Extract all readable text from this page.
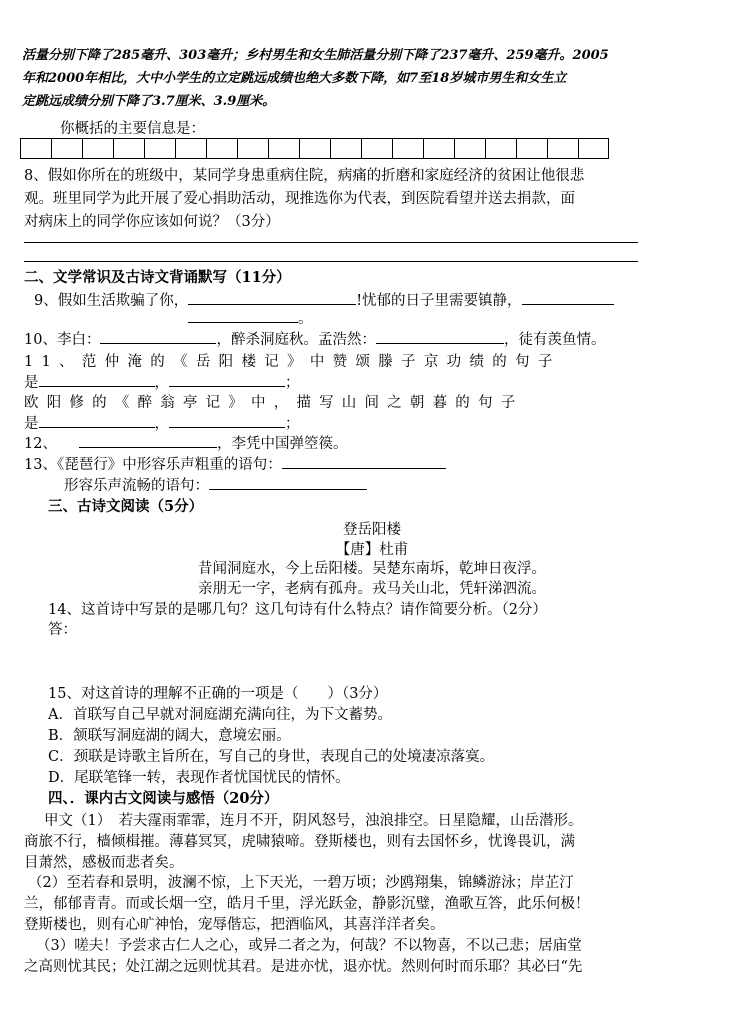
活量分别下降了285毫升、303毫升；乡村男生和女生肺活量分别下降了237毫升、259毫升。2005
年和2000年相比，大中小学生的立定跳远成绩也绝大多数下降，如7至18岁城市男生和女生立
定跳远成绩分别下降了3.7厘米、3.9厘米。
你概括的主要信息是：
8、假如你所在的班级中，某同学身患重病住院，病痛的折磨和家庭经济的贫困让他很悲
观。班里同学为此开展了爱心捐助活动，现推选你为代表，到医院看望并送去捐款，面
对病床上的同学你应该如何说？（3分）
二、文学常识及古诗文背诵默写（11分）
9、假如生活欺骗了你，	!忧郁的日子里需要镇静，
。
10、李白：	，醉杀洞庭秋。孟浩然：	，徒有羡鱼情。
11、范仲淹的《岳阳楼记》中赞颂滕子京功绩的句子
是	，	；
欧阳修的《醉翁亭记》中，描写山间之朝暮的句子
是	，	；
12、	，李凭中国弹箜篌。
13、《琵琶行》中形容乐声粗重的语句：
形容乐声流畅的语句：
三、古诗文阅读（5分）
登岳阳楼
【唐】杜甫
昔闻洞庭水，今上岳阳楼。吴楚东南坼，乾坤日夜浮。
亲朋无一字，老病有孤舟。戎马关山北，凭轩涕泗流。
14、这首诗中写景的是哪几句？这几句诗有什么特点？请作简要分析。（2分）
答：
15、对这首诗的理解不正确的一项是（　　）（3分）
A．首联写自己早就对洞庭湖充满向往，为下文蓄势。
B．颔联写洞庭湖的阔大，意境宏丽。
C．颈联是诗歌主旨所在，写自己的身世，表现自己的处境凄凉落寞。
D．尾联笔锋一转，表现作者忧国忧民的情怀。
四、．课内古文阅读与感悟（20分）
甲文（1）　若夫霪雨霏霏，连月不开，阴风怒号，浊浪排空。日星隐耀，山岳潜形。
商旅不行，樯倾楫摧。薄暮冥冥，虎啸猿啼。登斯楼也，则有去国怀乡，忧谗畏讥，满
目萧然，感极而悲者矣。
（2）至若春和景明，波澜不惊，上下天光，一碧万顷；沙鸥翔集，锦鳞游泳；岸芷汀
兰，郁郁青青。而或长烟一空，皓月千里，浮光跃金，静影沉璧，渔歌互答，此乐何极！
登斯楼也，则有心旷神怡，宠辱偕忘，把酒临风，其喜洋洋者矣。
（3）嗟夫！予尝求古仁人之心，或异二者之为，何哉？不以物喜，不以己悲；居庙堂
之高则忧其民；处江湖之远则忧其君。是进亦忧，退亦忧。然则何时而乐耶？其必曰“先
